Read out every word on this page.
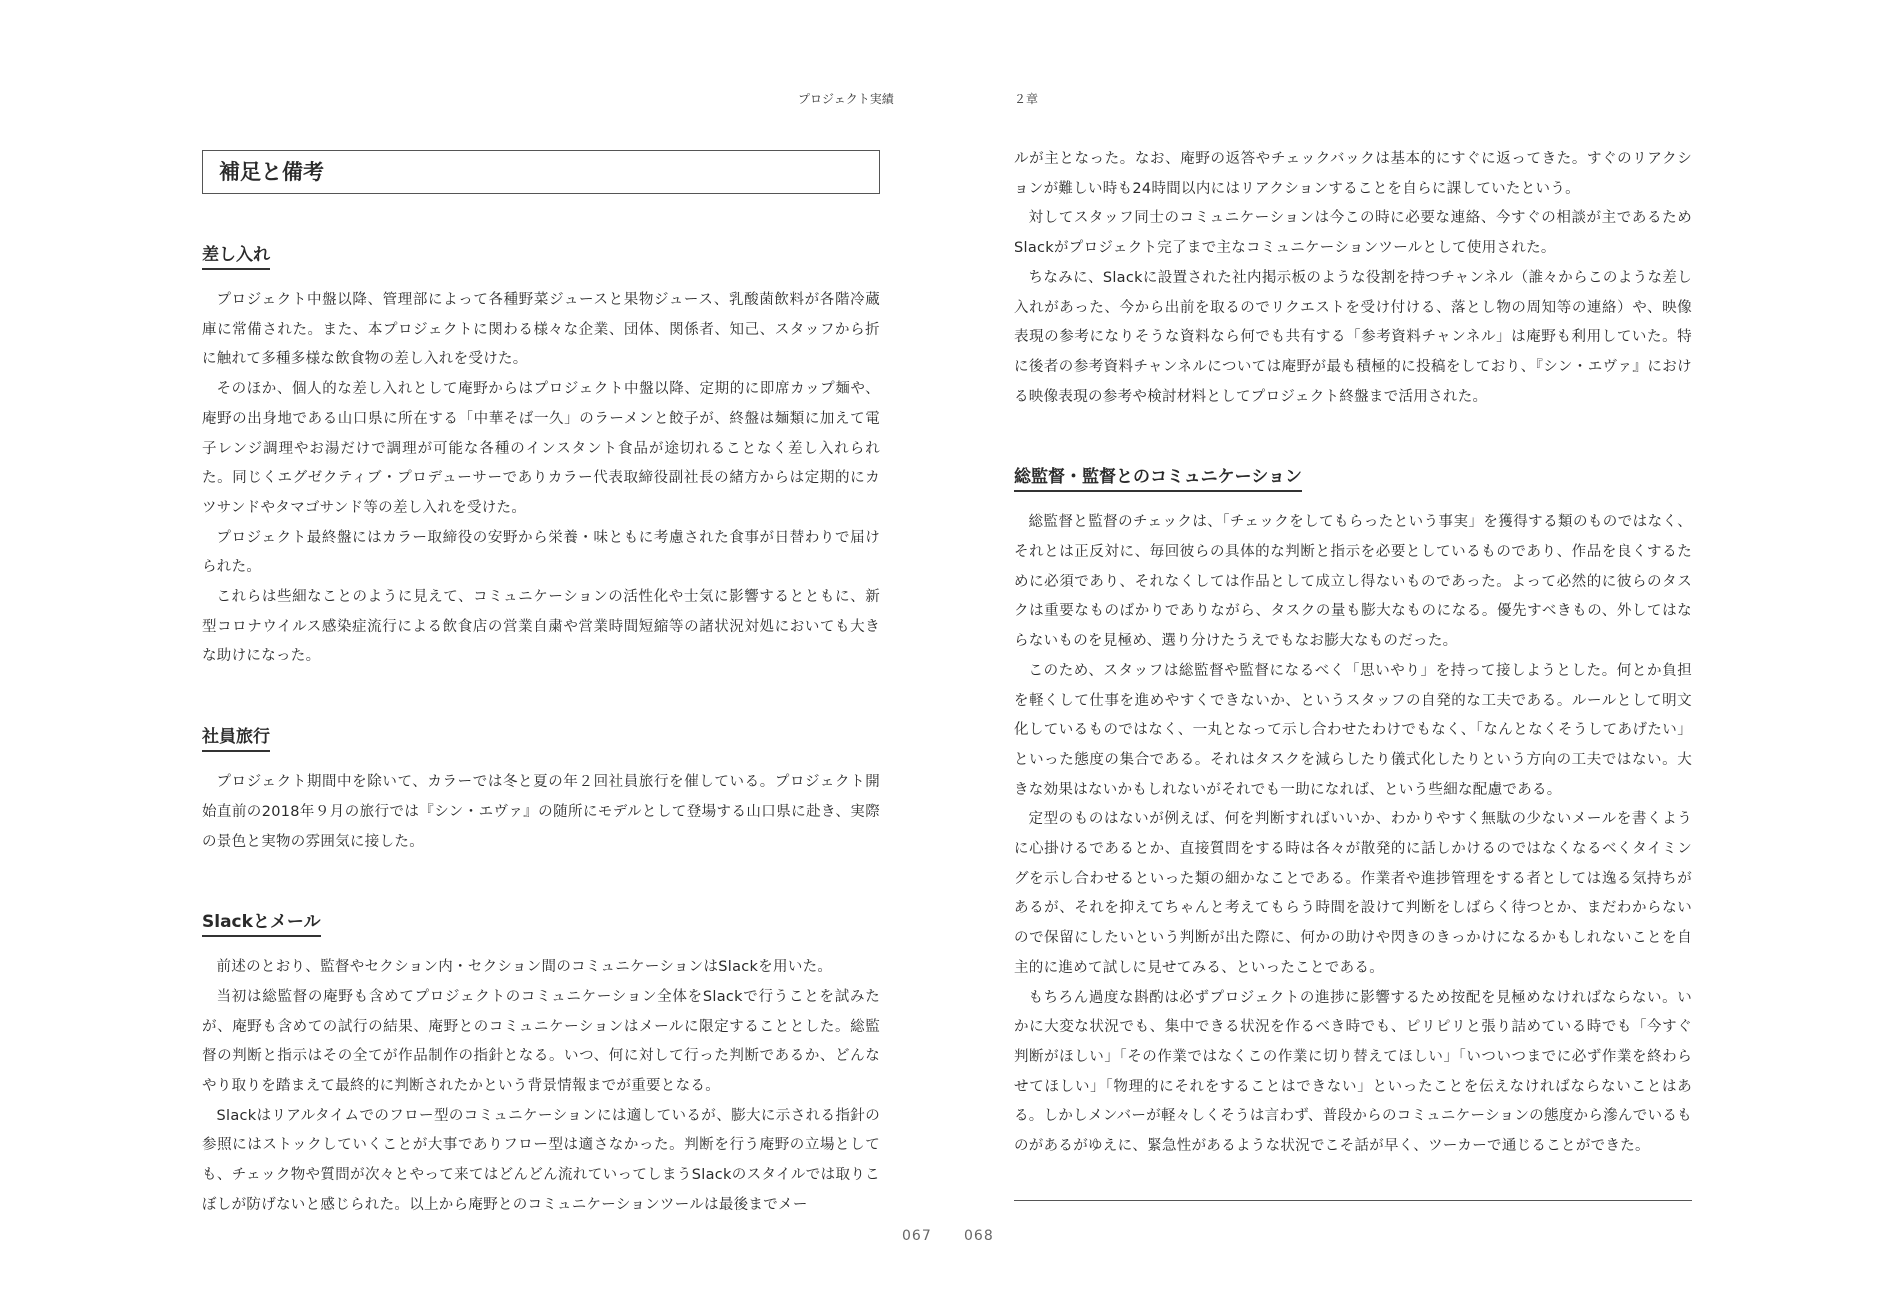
プロジェクト実績
補足と備考
差し入れ

プロジェクト中盤以降、管理部によって各種野菜ジュースと果物ジュース、乳酸菌飲料が各階冷蔵庫に常備された。また、本プロジェクトに関わる様々な企業、団体、関係者、知己、スタッフから折に触れて多種多様な飲食物の差し入れを受けた。

そのほか、個人的な差し入れとして庵野からはプロジェクト中盤以降、定期的に即席カップ麺や、庵野の出身地である山口県に所在する「中華そば一久」のラーメンと餃子が、終盤は麺類に加えて電子レンジ調理やお湯だけで調理が可能な各種のインスタント食品が途切れることなく差し入れられた。同じくエグゼクティブ・プロデューサーでありカラー代表取締役副社長の緒方からは定期的にカツサンドやタマゴサンド等の差し入れを受けた。

プロジェクト最終盤にはカラー取締役の安野から栄養・味ともに考慮された食事が日替わりで届けられた。

これらは些細なことのように見えて、コミュニケーションの活性化や士気に影響するとともに、新型コロナウイルス感染症流行による飲食店の営業自粛や営業時間短縮等の諸状況対処においても大きな助けになった。

社員旅行

プロジェクト期間中を除いて、カラーでは冬と夏の年２回社員旅行を催している。プロジェクト開始直前の2018年９月の旅行では『シン・エヴァ』の随所にモデルとして登場する山口県に赴き、実際の景色と実物の雰囲気に接した。

Slackとメール

前述のとおり、監督やセクション内・セクション間のコミュニケーションはSlackを用いた。

当初は総監督の庵野も含めてプロジェクトのコミュニケーション全体をSlackで行うことを試みたが、庵野も含めての試行の結果、庵野とのコミュニケーションはメールに限定することとした。総監督の判断と指示はその全てが作品制作の指針となる。いつ、何に対して行った判断であるか、どんなやり取りを踏まえて最終的に判断されたかという背景情報までが重要となる。

Slackはリアルタイムでのフロー型のコミュニケーションには適しているが、膨大に示される指針の参照にはストックしていくことが大事でありフロー型は適さなかった。判断を行う庵野の立場としても、チェック物や質問が次々とやって来てはどんどん流れていってしまうSlackのスタイルでは取りこぼしが防げないと感じられた。以上から庵野とのコミュニケーションツールは最後までメー

067
２章

ルが主となった。なお、庵野の返答やチェックバックは基本的にすぐに返ってきた。すぐのリアクションが難しい時も24時間以内にはリアクションすることを自らに課していたという。

対してスタッフ同士のコミュニケーションは今この時に必要な連絡、今すぐの相談が主であるためSlackがプロジェクト完了まで主なコミュニケーションツールとして使用された。

ちなみに、Slackに設置された社内掲示板のような役割を持つチャンネル（誰々からこのような差し入れがあった、今から出前を取るのでリクエストを受け付ける、落とし物の周知等の連絡）や、映像表現の参考になりそうな資料なら何でも共有する「参考資料チャンネル」は庵野も利用していた。特に後者の参考資料チャンネルについては庵野が最も積極的に投稿をしており、『シン・エヴァ』における映像表現の参考や検討材料としてプロジェクト終盤まで活用された。

総監督・監督とのコミュニケーション

総監督と監督のチェックは、「チェックをしてもらったという事実」を獲得する類のものではなく、それとは正反対に、毎回彼らの具体的な判断と指示を必要としているものであり、作品を良くするために必須であり、それなくしては作品として成立し得ないものであった。よって必然的に彼らのタスクは重要なものばかりでありながら、タスクの量も膨大なものになる。優先すべきもの、外してはならないものを見極め、選り分けたうえでもなお膨大なものだった。

このため、スタッフは総監督や監督になるべく「思いやり」を持って接しようとした。何とか負担を軽くして仕事を進めやすくできないか、というスタッフの自発的な工夫である。ルールとして明文化しているものではなく、一丸となって示し合わせたわけでもなく、「なんとなくそうしてあげたい」といった態度の集合である。それはタスクを減らしたり儀式化したりという方向の工夫ではない。大きな効果はないかもしれないがそれでも一助になれば、という些細な配慮である。

定型のものはないが例えば、何を判断すればいいか、わかりやすく無駄の少ないメールを書くように心掛けるであるとか、直接質問をする時は各々が散発的に話しかけるのではなくなるべくタイミングを示し合わせるといった類の細かなことである。作業者や進捗管理をする者としては逸る気持ちがあるが、それを抑えてちゃんと考えてもらう時間を設けて判断をしばらく待つとか、まだわからないので保留にしたいという判断が出た際に、何かの助けや閃きのきっかけになるかもしれないことを自主的に進めて試しに見せてみる、といったことである。

もちろん過度な斟酌は必ずプロジェクトの進捗に影響するため按配を見極めなければならない。いかに大変な状況でも、集中できる状況を作るべき時でも、ピリピリと張り詰めている時でも「今すぐ判断がほしい」「その作業ではなくこの作業に切り替えてほしい」「いついつまでに必ず作業を終わらせてほしい」「物理的にそれをすることはできない」といったことを伝えなければならないことはある。しかしメンバーが軽々しくそうは言わず、普段からのコミュニケーションの態度から滲んでいるものがあるがゆえに、緊急性があるような状況でこそ話が早く、ツーカーで通じることができた。

068
